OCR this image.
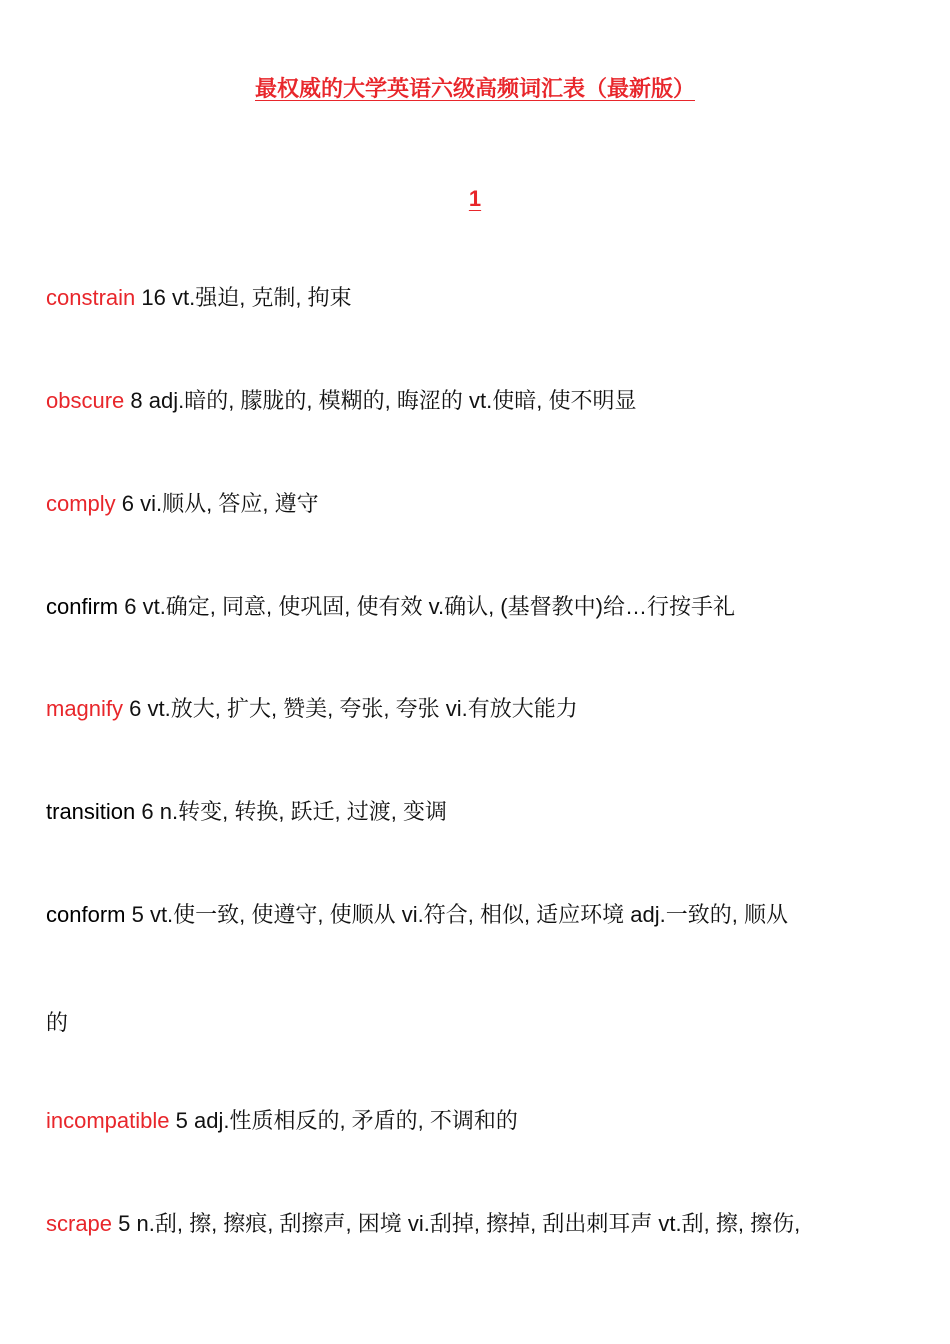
最权威的大学英语六级高频词汇表（最新版）
1
constrain 16 vt.强迫, 克制, 拘束
obscure 8 adj.暗的, 朦胧的, 模糊的, 晦涩的 vt.使暗, 使不明显
comply 6 vi.顺从, 答应, 遵守
confirm 6 vt.确定, 同意, 使巩固, 使有效 v.确认, (基督教中)给…行按手礼
magnify 6 vt.放大, 扩大, 赞美, 夸张, 夸张 vi.有放大能力
transition 6 n.转变, 转换, 跃迁, 过渡, 变调
conform 5 vt.使一致, 使遵守, 使顺从 vi.符合, 相似, 适应环境 adj.一致的, 顺从
的
incompatible 5 adj.性质相反的, 矛盾的, 不调和的
scrape 5 n.刮, 擦, 擦痕, 刮擦声, 困境 vi.刮掉, 擦掉, 刮出刺耳声 vt.刮, 擦, 擦伤,
